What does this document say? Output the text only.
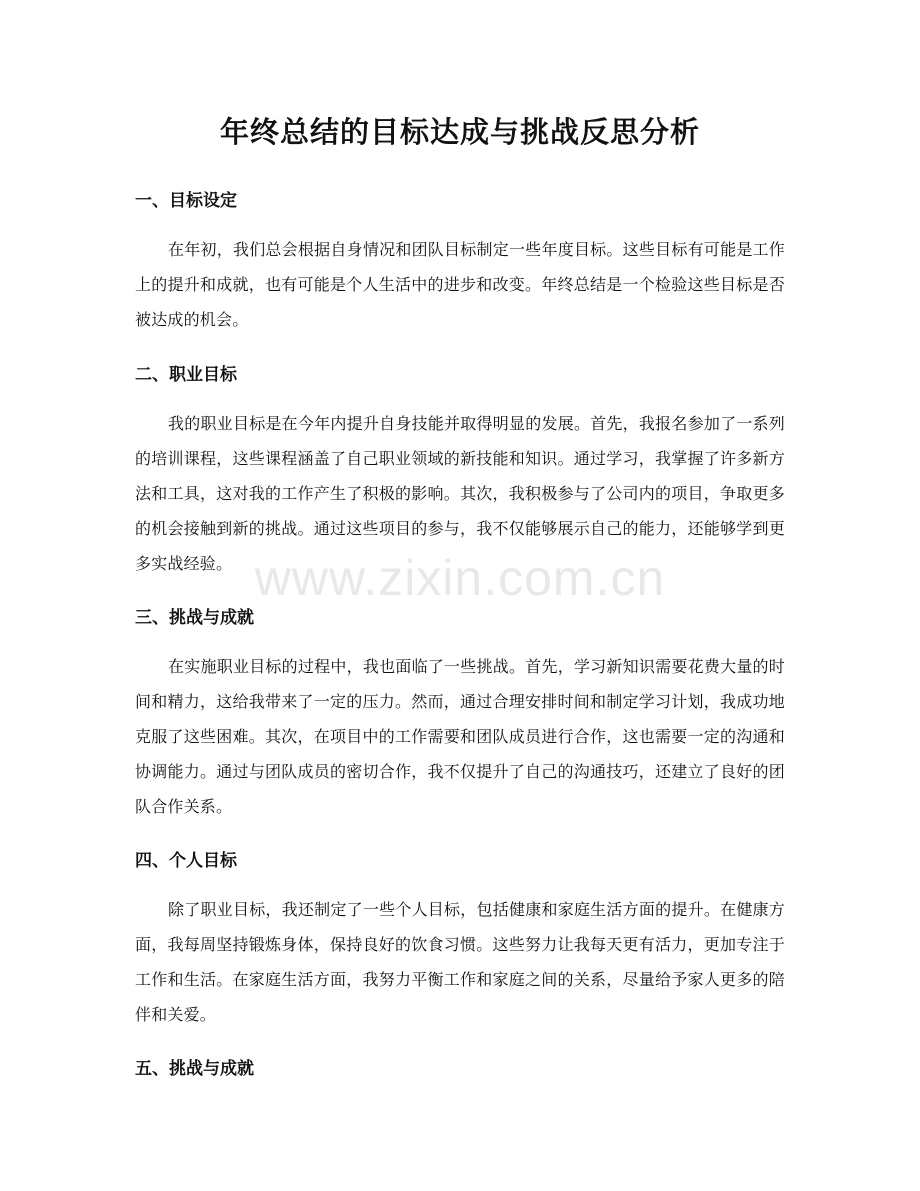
年终总结的目标达成与挑战反思分析
一、目标设定
在年初，我们总会根据自身情况和团队目标制定一些年度目标。这些目标有可能是工作上的提升和成就，也有可能是个人生活中的进步和改变。年终总结是一个检验这些目标是否被达成的机会。
二、职业目标
我的职业目标是在今年内提升自身技能并取得明显的发展。首先，我报名参加了一系列的培训课程，这些课程涵盖了自己职业领域的新技能和知识。通过学习，我掌握了许多新方法和工具，这对我的工作产生了积极的影响。其次，我积极参与了公司内的项目，争取更多的机会接触到新的挑战。通过这些项目的参与，我不仅能够展示自己的能力，还能够学到更多实战经验。
三、挑战与成就
在实施职业目标的过程中，我也面临了一些挑战。首先，学习新知识需要花费大量的时间和精力，这给我带来了一定的压力。然而，通过合理安排时间和制定学习计划，我成功地克服了这些困难。其次，在项目中的工作需要和团队成员进行合作，这也需要一定的沟通和协调能力。通过与团队成员的密切合作，我不仅提升了自己的沟通技巧，还建立了良好的团队合作关系。
四、个人目标
除了职业目标，我还制定了一些个人目标，包括健康和家庭生活方面的提升。在健康方面，我每周坚持锻炼身体，保持良好的饮食习惯。这些努力让我每天更有活力，更加专注于工作和生活。在家庭生活方面，我努力平衡工作和家庭之间的关系，尽量给予家人更多的陪伴和关爱。
五、挑战与成就
www.zixin.com.cn
